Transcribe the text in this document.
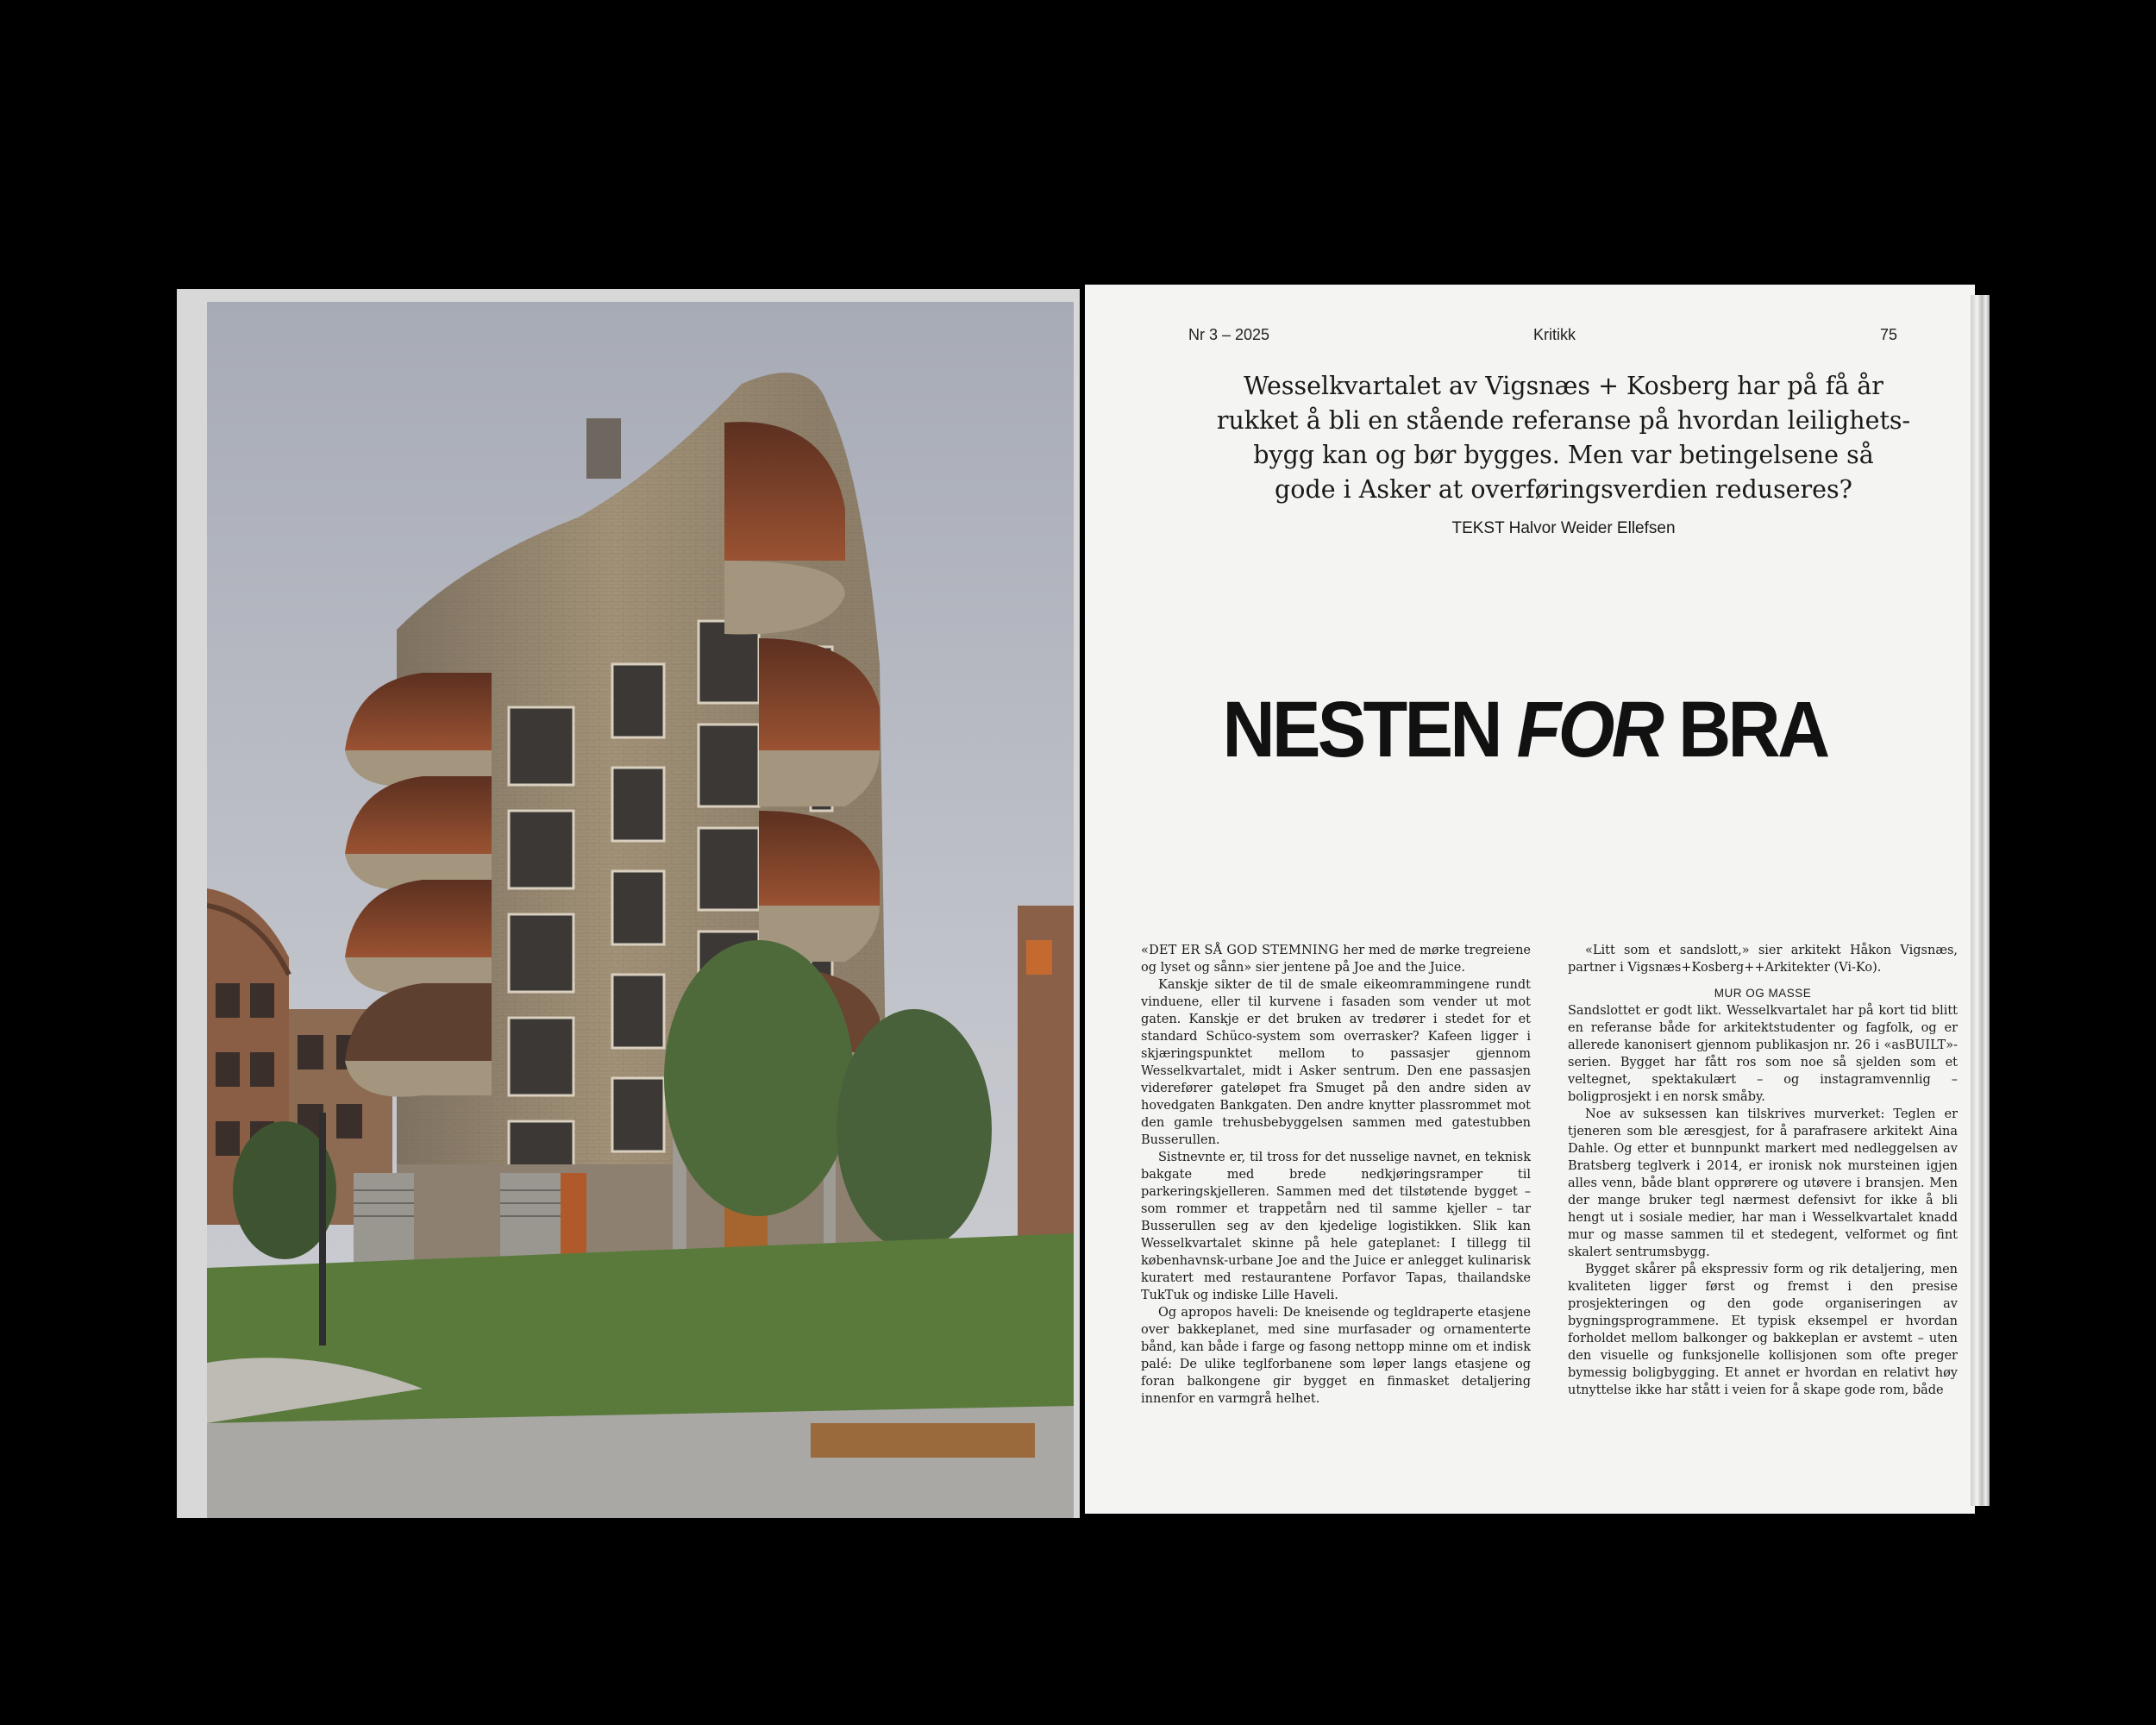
Nr 3 – 2025	Kritikk	75

Wesselkvartalet av Vigsnæs + Kosberg har på få år

rukket å bli en stående referanse på hvordan leilighets-

bygg kan og bør bygges. Men var betingelsene så

gode i Asker at overføringsverdien reduseres?

TEKST Halvor Weider Ellefsen
NESTEN FOR BRA

«DET ER SÅ GOD STEMNING her med de mørke tregreiene og lyset og sånn» sier jentene på Joe and the Juice.

Kanskje sikter de til de smale eikeomrammingene rundt vinduene, eller til kurvene i fasaden som vender ut mot gaten. Kanskje er det bruken av tredører i stedet for et standard Schüco-system som overrasker? Kafeen ligger i skjæringspunktet mellom to passasjer gjennom Wesselkvartalet, midt i Asker sentrum. Den ene passasjen viderefører gateløpet fra Smuget på den andre siden av hovedgaten Bankgaten. Den andre knytter plassrommet mot den gamle trehusbebyggelsen sammen med gatestubben Busserullen.

Sistnevnte er, til tross for det nusselige navnet, en teknisk bakgate med brede nedkjøringsramper til parkeringskjelleren. Sammen med det tilstøtende bygget – som rommer et trappetårn ned til samme kjeller – tar Busserullen seg av den kjedelige logistikken. Slik kan Wesselkvartalet skinne på hele gateplanet: I tillegg til københavnsk-urbane Joe and the Juice er anlegget kulinarisk kuratert med restaurantene Porfavor Tapas, thailandske TukTuk og indiske Lille Haveli.

Og apropos haveli: De kneisende og tegldraperte etasjene over bakkeplanet, med sine murfasader og ornamenterte bånd, kan både i farge og fasong nettopp minne om et indisk palé: De ulike teglforbanene som løper langs etasjene og foran balkongene gir bygget en finmasket detaljering innenfor en varmgrå helhet.

«Litt som et sandslott,» sier arkitekt Håkon Vigsnæs, partner i Vigsnæs+Kosberg++Arkitekter (Vi-Ko).

MUR OG MASSE

Sandslottet er godt likt. Wesselkvartalet har på kort tid blitt en referanse både for arkitektstudenter og fagfolk, og er allerede kanonisert gjennom publikasjon nr. 26 i «asBUILT»-serien. Bygget har fått ros som noe så sjelden som et veltegnet, spektakulært – og instagramvennlig – boligprosjekt i en norsk småby.

Noe av suksessen kan tilskrives murverket: Teglen er tjeneren som ble æresgjest, for å parafrasere arkitekt Aina Dahle. Og etter et bunnpunkt markert med nedleggelsen av Bratsberg teglverk i 2014, er ironisk nok mursteinen igjen alles venn, både blant opprørere og utøvere i bransjen. Men der mange bruker tegl nærmest defensivt for ikke å bli hengt ut i sosiale medier, har man i Wesselkvartalet knadd mur og masse sammen til et stedegent, velformet og fint skalert sentrumsbygg.

Bygget skårer på ekspressiv form og rik detaljering, men kvaliteten ligger først og fremst i den presise prosjekteringen og den gode organiseringen av bygningsprogrammene. Et typisk eksempel er hvordan forholdet mellom balkonger og bakkeplan er avstemt – uten den visuelle og funksjonelle kollisjonen som ofte preger bymessig boligbygging. Et annet er hvordan en relativt høy utnyttelse ikke har stått i veien for å skape gode rom, både
